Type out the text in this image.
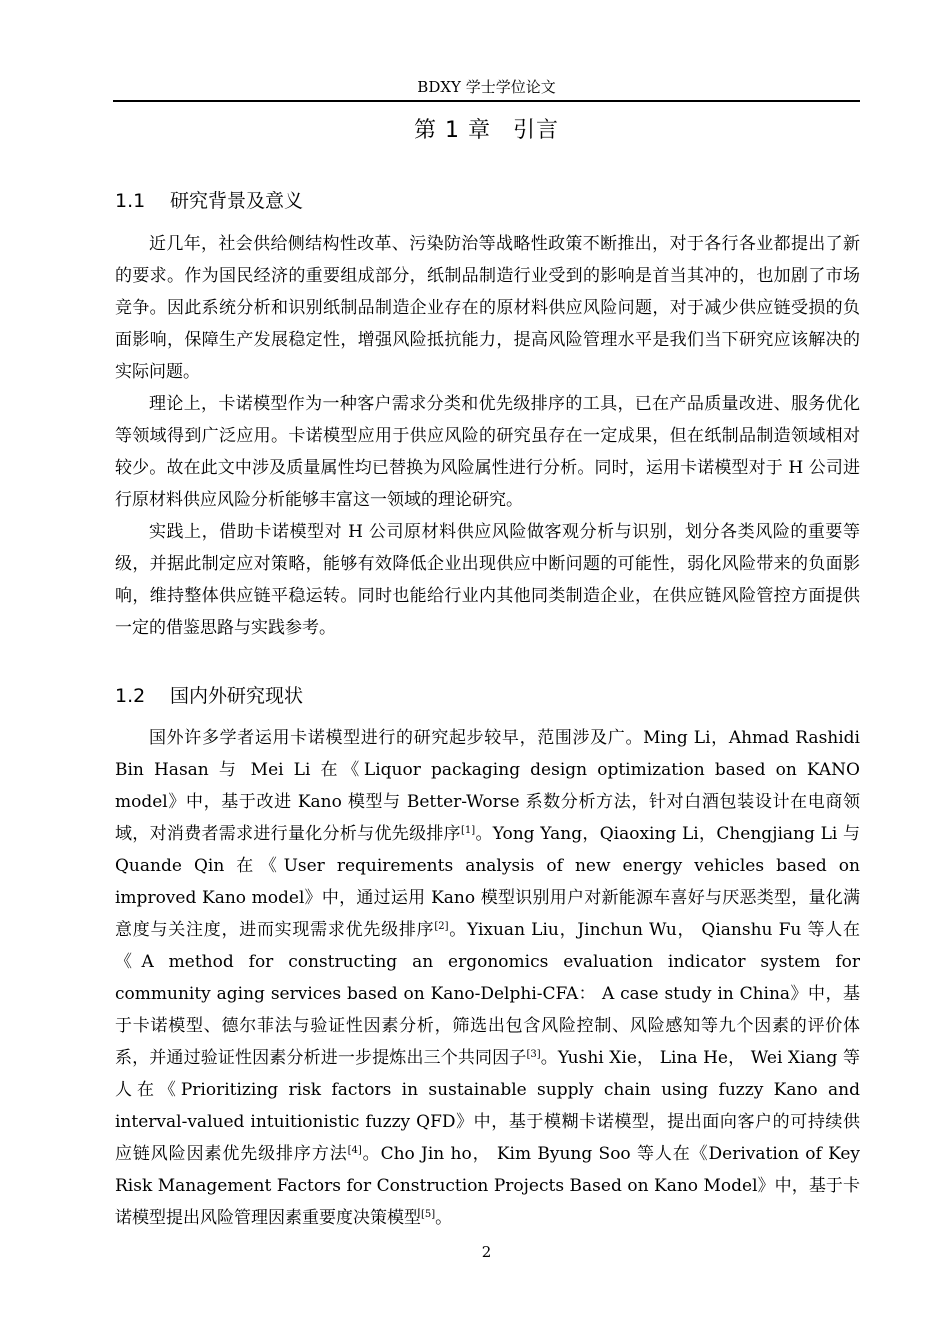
BDXY 学士学位论文
第 1 章 引言
1.1 研究背景及意义

近几年，社会供给侧结构性改革、污染防治等战略性政策不断推出，对于各行各业都提出了新的要求。作为国民经济的重要组成部分，纸制品制造行业受到的影响是首当其冲的，也加剧了市场竞争。因此系统分析和识别纸制品制造企业存在的原材料供应风险问题，对于减少供应链受损的负面影响，保障生产发展稳定性，增强风险抵抗能力，提高风险管理水平是我们当下研究应该解决的实际问题。

理论上，卡诺模型作为一种客户需求分类和优先级排序的工具，已在产品质量改进、服务优化等领域得到广泛应用。卡诺模型应用于供应风险的研究虽存在一定成果，但在纸制品制造领域相对较少。故在此文中涉及质量属性均已替换为风险属性进行分析。同时，运用卡诺模型对于 H 公司进行原材料供应风险分析能够丰富这一领域的理论研究。

实践上，借助卡诺模型对 H 公司原材料供应风险做客观分析与识别，划分各类风险的重要等级，并据此制定应对策略，能够有效降低企业出现供应中断问题的可能性，弱化风险带来的负面影响，维持整体供应链平稳运转。同时也能给行业内其他同类制造企业，在供应链风险管控方面提供一定的借鉴思路与实践参考。

1.2 国内外研究现状

国外许多学者运用卡诺模型进行的研究起步较早，范围涉及广。Ming Li，Ahmad Rashidi Bin Hasan 与 Mei Li 在《Liquor packaging design optimization based on KANO model》中，基于改进 Kano 模型与 Better-Worse 系数分析方法，针对白酒包装设计在电商领域，对消费者需求进行量化分析与优先级排序[1]。Yong Yang，Qiaoxing Li，Chengjiang Li 与 Quande Qin 在《User requirements analysis of new energy vehicles based on improved Kano model》中，通过运用 Kano 模型识别用户对新能源车喜好与厌恶类型，量化满意度与关注度，进而实现需求优先级排序[2]。Yixuan Liu，Jinchun Wu， Qianshu Fu 等人在《A method for constructing an ergonomics evaluation indicator system for community aging services based on Kano-Delphi-CFA： A case study in China》中，基于卡诺模型、德尔菲法与验证性因素分析，筛选出包含风险控制、风险感知等九个因素的评价体系，并通过验证性因素分析进一步提炼出三个共同因子[3]。Yushi Xie， Lina He， Wei Xiang 等人在《Prioritizing risk factors in sustainable supply chain using fuzzy Kano and interval-valued intuitionistic fuzzy QFD》中，基于模糊卡诺模型，提出面向客户的可持续供应链风险因素优先级排序方法[4]。Cho Jin ho， Kim Byung Soo 等人在《Derivation of Key Risk Management Factors for Construction Projects Based on Kano Model》中，基于卡诺模型提出风险管理因素重要度决策模型[5]。

2
